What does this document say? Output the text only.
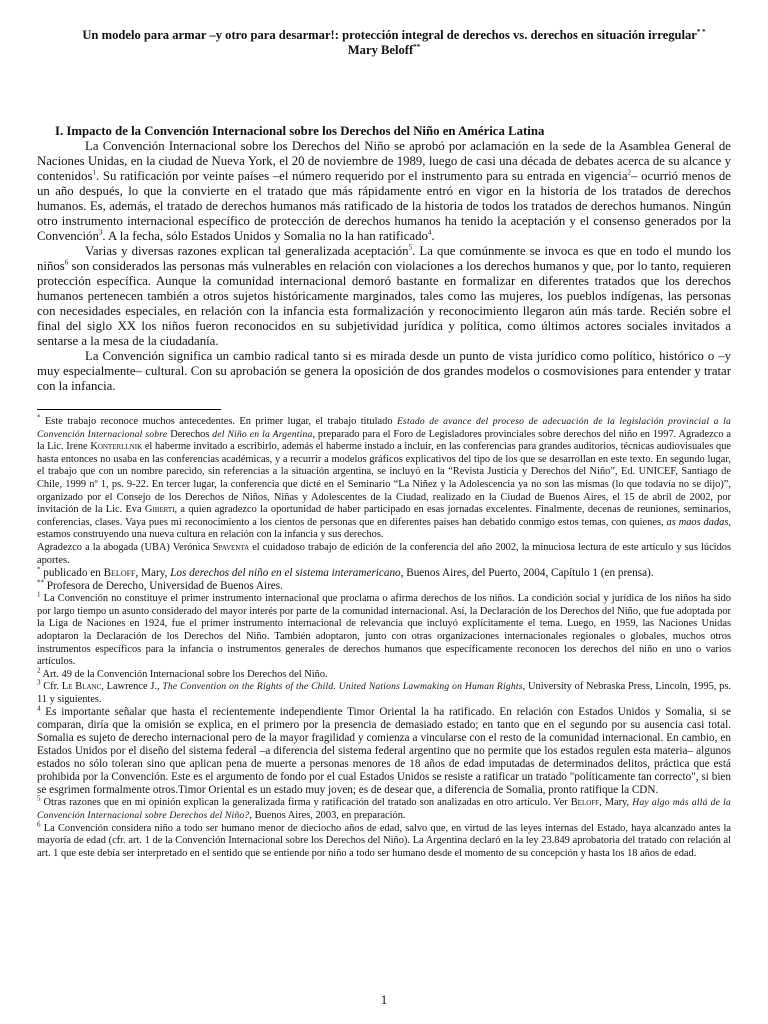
Un modelo para armar –y otro para desarmar!: protección integral de derechos vs. derechos en situación irregular* *
Mary Beloff**
I. Impacto de la Convención Internacional sobre los Derechos del Niño en América Latina

La Convención Internacional sobre los Derechos del Niño se aprobó por aclamación en la sede de la Asamblea General de Naciones Unidas, en la ciudad de Nueva York, el 20 de noviembre de 1989, luego de casi una década de debates acerca de su alcance y contenidos$^1$. Su ratificación por veinte países –el número requerido por el instrumento para su entrada en vigencia$^2$– ocurrió menos de un año después, lo que la convierte en el tratado que más rápidamente entró en vigor en la historia de los tratados de derechos humanos. Es, además, el tratado de derechos humanos más ratificado de la historia de todos los tratados de derechos humanos. Ningún otro instrumento internacional específico de protección de derechos humanos ha tenido la aceptación y el consenso generados por la Convención$^3$. A la fecha, sólo Estados Unidos y Somalia no la han ratificado$^4$.

Varias y diversas razones explican tal generalizada aceptación$^5$. La que comúnmente se invoca es que en todo el mundo los niños$^6$ son considerados las personas más vulnerables en relación con violaciones a los derechos humanos y que, por lo tanto, requieren protección específica. Aunque la comunidad internacional demoró bastante en formalizar en diferentes tratados que los derechos humanos pertenecen también a otros sujetos históricamente marginados, tales como las mujeres, los pueblos indígenas, las personas con necesidades especiales, en relación con la infancia esta formalización y reconocimiento llegaron aún más tarde. Recién sobre el final del siglo XX los niños fueron reconocidos en su subjetividad jurídica y política, como últimos actores sociales invitados a sentarse a la mesa de la ciudadanía.

La Convención significa un cambio radical tanto si es mirada desde un punto de vista jurídico como político, histórico o –y muy especialmente– cultural. Con su aprobación se genera la oposición de dos grandes modelos o cosmovisiones para entender y tratar con la infancia.

* Este trabajo reconoce muchos antecedentes. En primer lugar, el trabajo titulado Estado de avance del proceso de adecuación de la legislación provincial a la Convención Internacional sobre Derechos del Niño en la Argentina, preparado para el Foro de Legisladores provinciales sobre derechos del niño en 1997. Agradezco a la Lic. Irene Konterllnik el haberme invitado a escribirlo, además el haberme instado a incluir, en las conferencias para grandes auditorios, técnicas audiovisuales que hasta entonces no usaba en las conferencias académicas, y a recurrir a modelos gráficos explicativos del tipo de los que se desarrollan en este texto. En segundo lugar, el trabajo que con un nombre parecido, sin referencias a la situación argentina, se incluyó en la “Revista Justicia y Derechos del Niño”, Ed. UNICEF, Santiago de Chile, 1999 nº 1, ps. 9-22. En tercer lugar, la conferencia que dicté en el Seminario “La Niñez y la Adolescencia ya no son las mismas (lo que todavía no se dijo)”, organizado por el Consejo de los Derechos de Niños, Niñas y Adolescentes de la Ciudad, realizado en la Ciudad de Buenos Aires, el 15 de abril de 2002, por invitación de la Lic. Eva Giberti, a quien agradezco la oportunidad de haber participado en esas jornadas excelentes. Finalmente, decenas de reuniones, seminarios, conferencias, clases. Vaya pues mi reconocimiento a los cientos de personas que en diferentes países han debatido conmigo estos temas, con quienes, as maos dadas, estamos construyendo una nueva cultura en relación con la infancia y sus derechos.

Agradezco a la abogada (UBA) Verónica Spaventa el cuidadoso trabajo de edición de la conferencia del año 2002, la minuciosa lectura de este artículo y sus lúcidos aportes.

* publicado en Beloff, Mary, Los derechos del niño en el sistema interamericano, Buenos Aires, del Puerto, 2004, Capítulo 1 (en prensa).

** Profesora de Derecho, Universidad de Buenos Aires.

$^1$ La Convención no constituye el primer instrumento internacional que proclama o afirma derechos de los niños. La condición social y jurídica de los niños ha sido por largo tiempo un asunto considerado del mayor interés por parte de la comunidad internacional. Así, la Declaración de los Derechos del Niño, que fue adoptada por la Liga de Naciones en 1924, fue el primer instrumento internacional de relevancia que incluyó explícitamente el tema. Luego, en 1959, las Naciones Unidas adoptaron la Declaración de los Derechos del Niño. También adoptaron, junto con otras organizaciones internacionales regionales o globales, muchos otros instrumentos específicos para la infancia o instrumentos generales de derechos humanos que específicamente reconocen los derechos del niño en uno o varios artículos.

$^2$ Art. 49 de la Convención Internacional sobre los Derechos del Niño.

$^3$ Cfr. Le Blanc, Lawrence J., The Convention on the Rights of the Child. United Nations Lawmaking on Human Rights, University of Nebraska Press, Lincoln, 1995, ps. 11 y siguientes.

$^4$ Es importante señalar que hasta el recientemente independiente Timor Oriental la ha ratificado. En relación con Estados Unidos y Somalia, si se comparan, diría que la omisión se explica, en el primero por la presencia de demasiado estado; en tanto que en el segundo por su ausencia casi total. Somalia es sujeto de derecho internacional pero de la mayor fragilidad y comienza a vincularse con el resto de la comunidad internacional. En cambio, en Estados Unidos por el diseño del sistema federal –a diferencia del sistema federal argentino que no permite que los estados regulen esta materia– algunos estados no sólo toleran sino que aplican pena de muerte a personas menores de 18 años de edad imputadas de determinados delitos, práctica que está prohibida por la Convención. Este es el argumento de fondo por el cual Estados Unidos se resiste a ratificar un tratado "políticamente tan correcto", si bien se esgrimen formalmente otros.Timor Oriental es un estado muy joven; es de desear que, a diferencia de Somalia, pronto ratifique la CDN.

$^5$ Otras razones que en mi opinión explican la generalizada firma y ratificación del tratado son analizadas en otro artículo. Ver Beloff, Mary, Hay algo más allá de la Convención Internacional sobre Derechos del Niño?, Buenos Aires, 2003, en preparación.

$^6$ La Convención considera niño a todo ser humano menor de dieciocho años de edad, salvo que, en virtud de las leyes internas del Estado, haya alcanzado antes la mayoría de edad (cfr. art. 1 de la Convención Internacional sobre los Derechos del Niño). La Argentina declaró en la ley 23.849 aprobatoria del tratado con relación al art. 1 que este debía ser interpretado en el sentido que se entiende por niño a todo ser humano desde el momento de su concepción y hasta los 18 años de edad.

1
